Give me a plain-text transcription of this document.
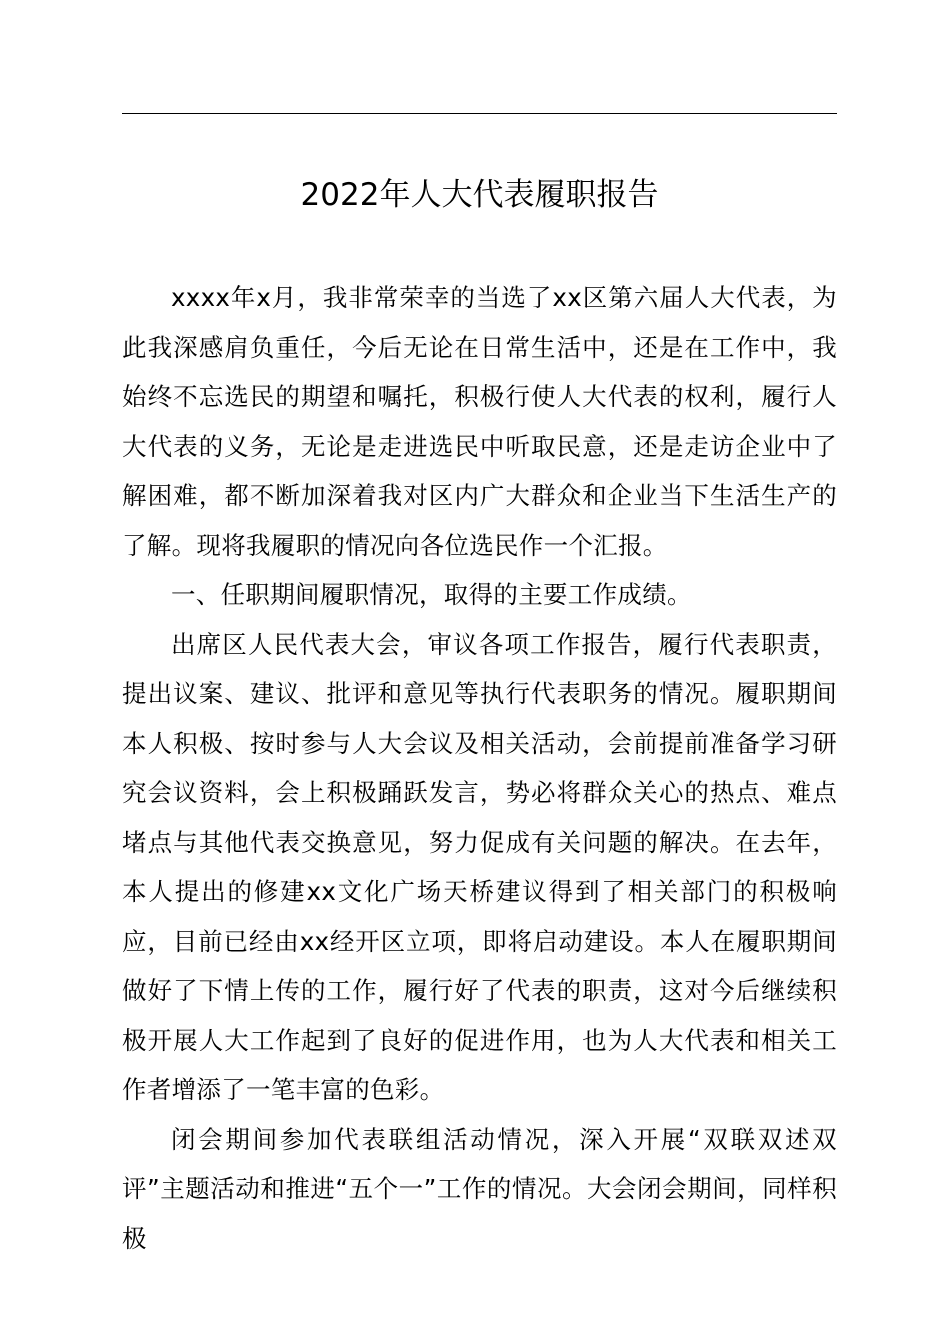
2022年人大代表履职报告

xxxx年x月，我非常荣幸的当选了xx区第六届人大代表，为此我深感肩负重任，今后无论在日常生活中，还是在工作中，我始终不忘选民的期望和嘱托，积极行使人大代表的权利，履行人大代表的义务，无论是走进选民中听取民意，还是走访企业中了解困难，都不断加深着我对区内广大群众和企业当下生活生产的了解。现将我履职的情况向各位选民作一个汇报。

一、任职期间履职情况，取得的主要工作成绩。

出席区人民代表大会，审议各项工作报告，履行代表职责，提出议案、建议、批评和意见等执行代表职务的情况。履职期间本人积极、按时参与人大会议及相关活动，会前提前准备学习研究会议资料，会上积极踊跃发言，势必将群众关心的热点、难点堵点与其他代表交换意见，努力促成有关问题的解决。在去年，本人提出的修建xx文化广场天桥建议得到了相关部门的积极响应，目前已经由xx经开区立项，即将启动建设。本人在履职期间做好了下情上传的工作，履行好了代表的职责，这对今后继续积极开展人大工作起到了良好的促进作用，也为人大代表和相关工作者增添了一笔丰富的色彩。

闭会期间参加代表联组活动情况，深入开展“双联双述双评”主题活动和推进“五个一”工作的情况。大会闭会期间，同样积极
